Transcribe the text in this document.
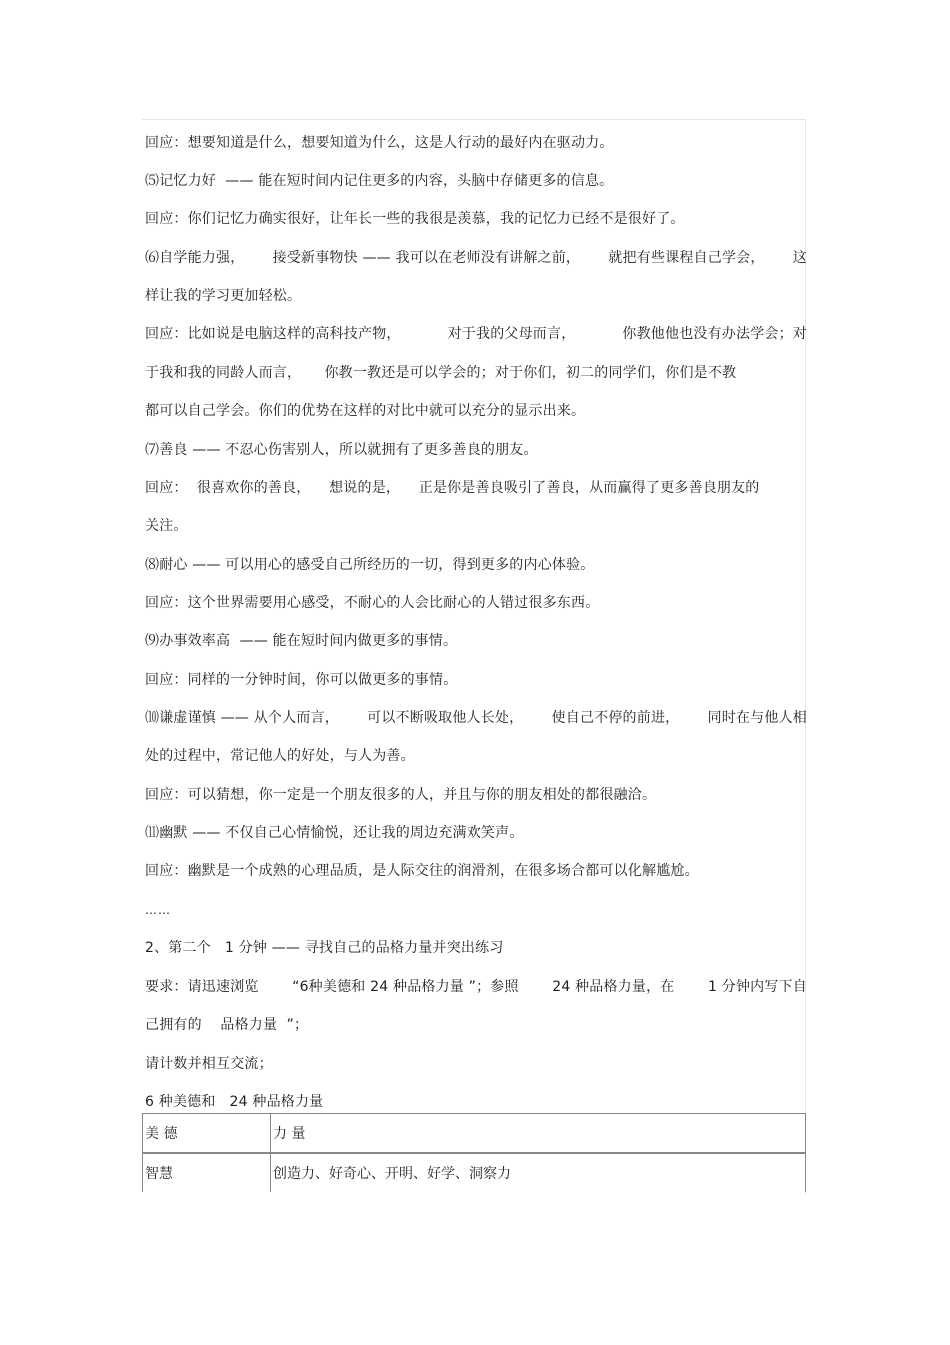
回应：想要知道是什么，想要知道为什么，这是人行动的最好内在驱动力。
⑸记忆力好  —— 能在短时间内记住更多的内容，头脑中存储更多的信息。
回应：你们记忆力确实很好，让年长一些的我很是羡慕，我的记忆力已经不是很好了。
⑹自学能力强， 接受新事物快 —— 我可以在老师没有讲解之前， 就把有些课程自己学会， 这
样让我的学习更加轻松。
回应：比如说是电脑这样的高科技产物，	对于我的父母而言，	你教他他也没有办法学会；对
于我和我的同龄人而言，     你教一教还是可以学会的；对于你们，初二的同学们，你们是不教
都可以自己学会。你们的优势在这样的对比中就可以充分的显示出来。
⑺善良 —— 不忍心伤害别人，所以就拥有了更多善良的朋友。
回应：  很喜欢你的善良，    想说的是，    正是你是善良吸引了善良，从而赢得了更多善良朋友的
关注。
⑻耐心 —— 可以用心的感受自己所经历的一切，得到更多的内心体验。
回应：这个世界需要用心感受，不耐心的人会比耐心的人错过很多东西。
⑼办事效率高  —— 能在短时间内做更多的事情。
回应：同样的一分钟时间，你可以做更多的事情。
⑽谦虚谨慎 —— 从个人而言， 可以不断吸取他人长处， 使自己不停的前进， 同时在与他人相
处的过程中，常记他人的好处，与人为善。
回应：可以猜想，你一定是一个朋友很多的人，并且与你的朋友相处的都很融洽。
⑾幽默 —— 不仅自己心情愉悦，还让我的周边充满欢笑声。
回应：幽默是一个成熟的心理品质，是人际交往的润滑剂，在很多场合都可以化解尴尬。
……
2、第二个   1 分钟 —— 寻找自己的品格力量并突出练习
要求：请迅速浏览 “6种美德和 24 种品格力量 ”；参照 24 种品格力量，在 1 分钟内写下自
己拥有的    品格力量  ”；
请计数并相互交流；
6 种美德和   24 种品格力量
美 德	力 量
智慧	创造力、好奇心、开明、好学、洞察力
